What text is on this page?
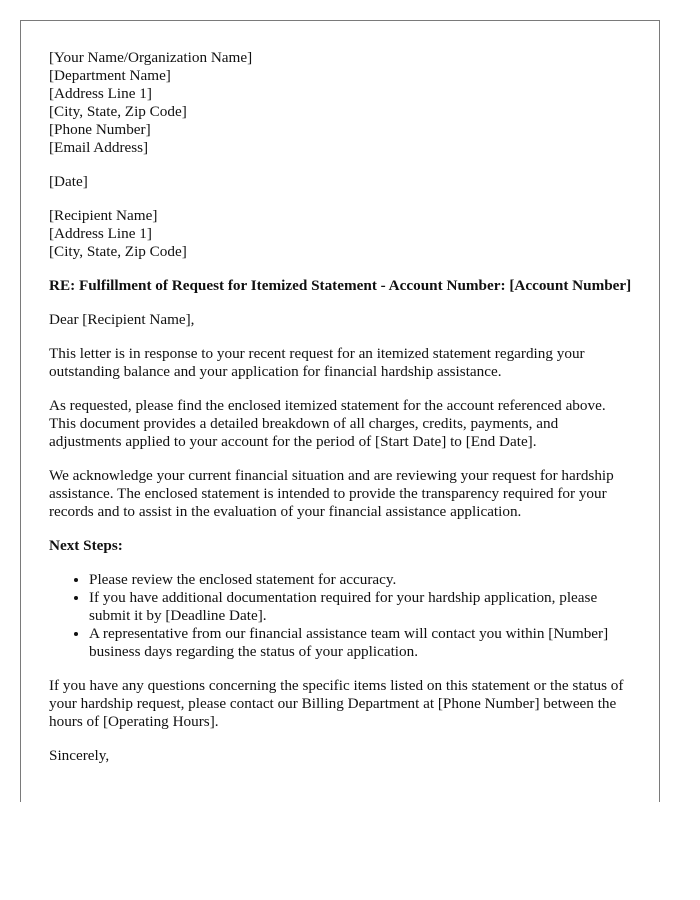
[Your Name/Organization Name]
[Department Name]
[Address Line 1]
[City, State, Zip Code]
[Phone Number]
[Email Address]
[Date]
[Recipient Name]
[Address Line 1]
[City, State, Zip Code]
RE: Fulfillment of Request for Itemized Statement - Account Number: [Account Number]

Dear [Recipient Name],

This letter is in response to your recent request for an itemized statement regarding your outstanding balance and your application for financial hardship assistance.

As requested, please find the enclosed itemized statement for the account referenced above. This document provides a detailed breakdown of all charges, credits, payments, and adjustments applied to your account for the period of [Start Date] to [End Date].

We acknowledge your current financial situation and are reviewing your request for hardship assistance. The enclosed statement is intended to provide the transparency required for your records and to assist in the evaluation of your financial assistance application.

Next Steps:
• Please review the enclosed statement for accuracy.
• If you have additional documentation required for your hardship application, please submit it by [Deadline Date].
• A representative from our financial assistance team will contact you within [Number] business days regarding the status of your application.

If you have any questions concerning the specific items listed on this statement or the status of your hardship request, please contact our Billing Department at [Phone Number] between the hours of [Operating Hours].

Sincerely,
